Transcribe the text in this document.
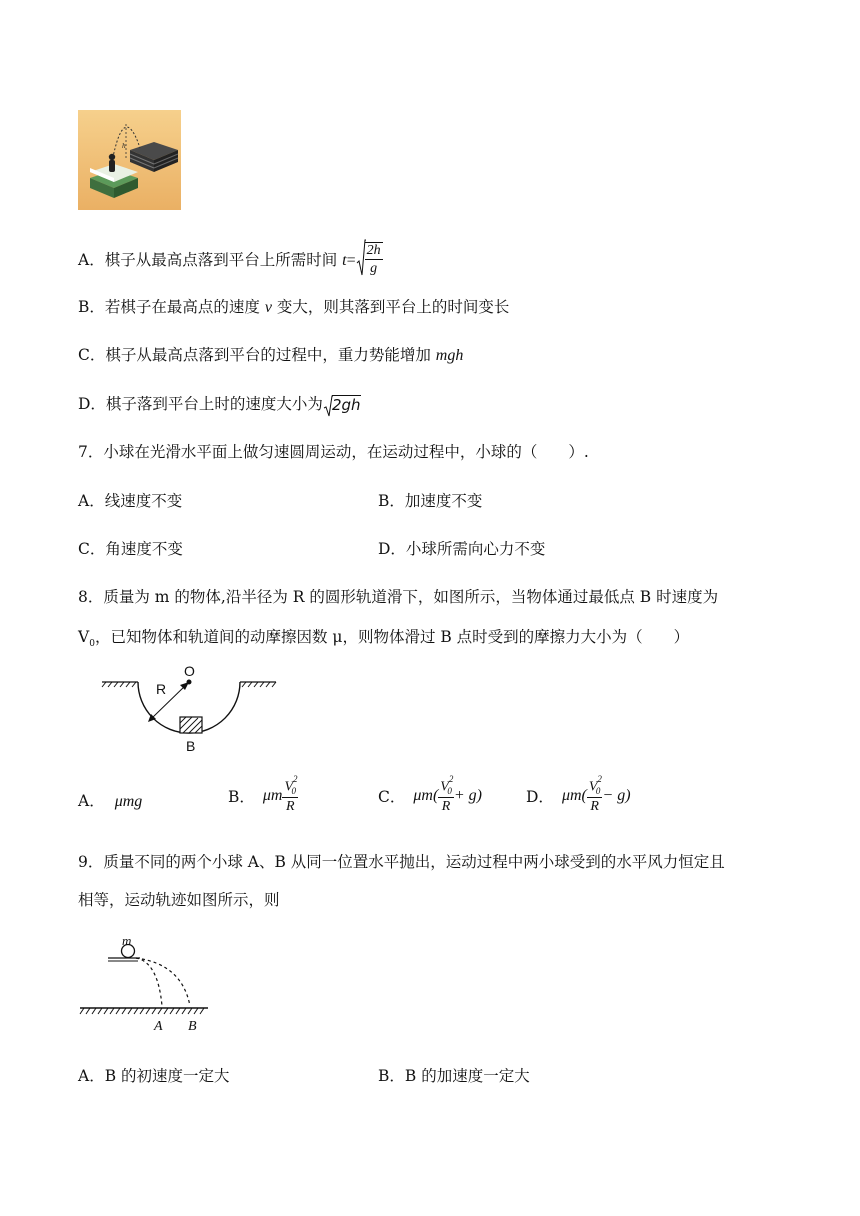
h
A．棋子从最高点落到平台上所需时间 $t= \frac{2h}{g}$
B．若棋子在最高点的速度 v 变大，则其落到平台上的时间变长
C．棋子从最高点落到平台的过程中，重力势能增加 mgh
D．棋子落到平台上时的速度大小为 2gh
7．小球在光滑水平面上做匀速圆周运动，在运动过程中，小球的（　　）.
A．线速度不变	B．加速度不变
C．角速度不变	D．小球所需向心力不变
8．质量为 m 的物体,沿半径为 R 的圆形轨道滑下，如图所示，当物体通过最低点 B 时速度为
$V_0$，已知物体和轨道间的动摩擦因数 μ，则物体滑过 B 点时受到的摩擦力大小为（　　）
O
R
B
A． μmg	B． μm $\frac{V^2_0}{R}$	C． $\mu m( \frac{V^2_0}{R} + g)$	D． $\mu m( \frac{V^2_0}{R} - g)$
9．质量不同的两个小球 A、B 从同一位置水平抛出，运动过程中两小球受到的水平风力恒定且
相等，运动轨迹如图所示，则
m
A B
A．B 的初速度一定大	B．B 的加速度一定大
